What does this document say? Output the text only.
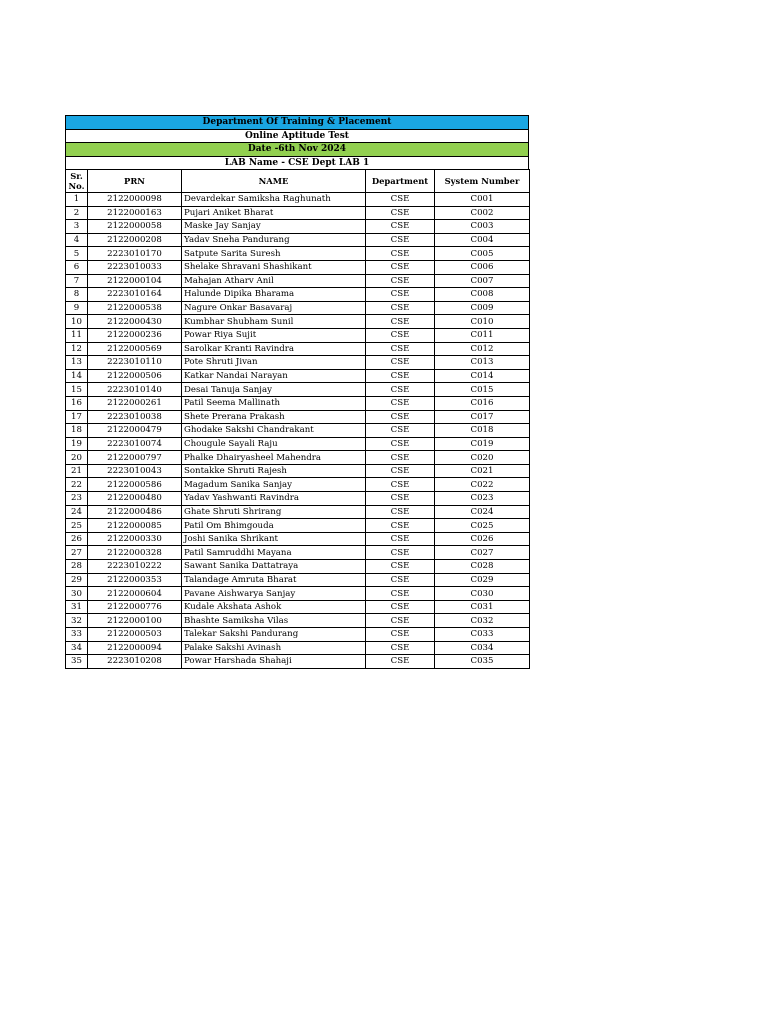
Department Of Training & Placement
Online Aptitude Test
Date -6th Nov 2024
LAB Name - CSE Dept LAB 1
Sr.
No.	PRN	NAME	Department	System Number
1	2122000098	Devardekar Samiksha Raghunath	CSE	C001
2	2122000163	Pujari Aniket Bharat	CSE	C002
3	2122000058	Maske Jay Sanjay	CSE	C003
4	2122000208	Yadav Sneha Pandurang	CSE	C004
5	2223010170	Satpute Sarita Suresh	CSE	C005
6	2223010033	Shelake Shravani Shashikant	CSE	C006
7	2122000104	Mahajan Atharv Anil	CSE	C007
8	2223010164	Halunde Dipika Bharama	CSE	C008
9	2122000538	Nagure Onkar Basavaraj	CSE	C009
10	2122000430	Kumbhar Shubham Sunil	CSE	C010
11	2122000236	Powar Riya Sujit	CSE	C011
12	2122000569	Sarolkar Kranti Ravindra	CSE	C012
13	2223010110	Pote Shruti Jivan	CSE	C013
14	2122000506	Katkar Nandai Narayan	CSE	C014
15	2223010140	Desai Tanuja Sanjay	CSE	C015
16	2122000261	Patil Seema Mallinath	CSE	C016
17	2223010038	Shete Prerana Prakash	CSE	C017
18	2122000479	Ghodake Sakshi Chandrakant	CSE	C018
19	2223010074	Chougule Sayali Raju	CSE	C019
20	2122000797	Phalke Dhairyasheel Mahendra	CSE	C020
21	2223010043	Sontakke Shruti Rajesh	CSE	C021
22	2122000586	Magadum Sanika Sanjay	CSE	C022
23	2122000480	Yadav Yashwanti Ravindra	CSE	C023
24	2122000486	Ghate Shruti Shrirang	CSE	C024
25	2122000085	Patil Om Bhimgouda	CSE	C025
26	2122000330	Joshi Sanika Shrikant	CSE	C026
27	2122000328	Patil Samruddhi Mayana	CSE	C027
28	2223010222	Sawant Sanika Dattatraya	CSE	C028
29	2122000353	Talandage Amruta Bharat	CSE	C029
30	2122000604	Pavane Aishwarya Sanjay	CSE	C030
31	2122000776	Kudale Akshata Ashok	CSE	C031
32	2122000100	Bhashte Samiksha Vilas	CSE	C032
33	2122000503	Talekar Sakshi Pandurang	CSE	C033
34	2122000094	Palake Sakshi Avinash	CSE	C034
35	2223010208	Powar Harshada Shahaji	CSE	C035
